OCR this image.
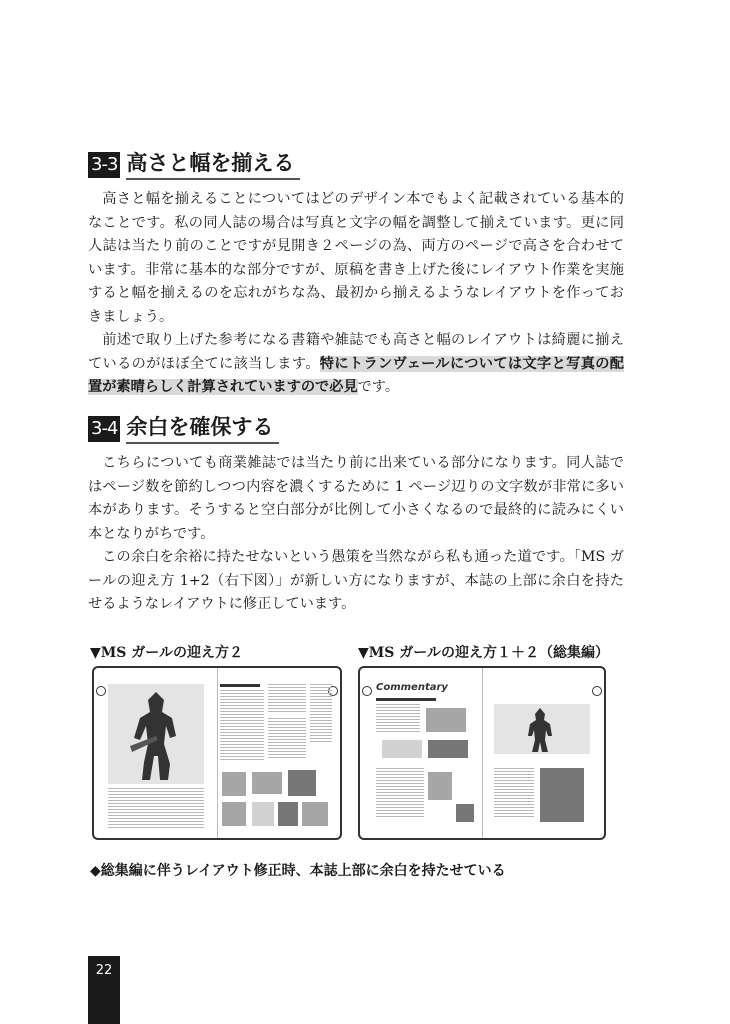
3-3 高さと幅を揃える

高さと幅を揃えることについてはどのデザイン本でもよく記載されている基本的なことです。私の同人誌の場合は写真と文字の幅を調整して揃えています。更に同人誌は当たり前のことですが見開き２ページの為、両方のページで高さを合わせています。非常に基本的な部分ですが、原稿を書き上げた後にレイアウト作業を実施すると幅を揃えるのを忘れがちな為、最初から揃えるようなレイアウトを作っておきましょう。

前述で取り上げた参考になる書籍や雑誌でも高さと幅のレイアウトは綺麗に揃えているのがほぼ全てに該当します。特にトランヴェールについては文字と写真の配置が素晴らしく計算されていますので必見です。

3-4 余白を確保する

こちらについても商業雑誌では当たり前に出来ている部分になります。同人誌ではページ数を節約しつつ内容を濃くするために 1 ページ辺りの文字数が非常に多い本があります。そうすると空白部分が比例して小さくなるので最終的に読みにくい本となりがちです。

この余白を余裕に持たせないという愚策を当然ながら私も通った道です。「MS ガールの迎え方 1+2（右下図）」が新しい方になりますが、本誌の上部に余白を持たせるようなレイアウトに修正しています。

▼MS ガールの迎え方２	▼MS ガールの迎え方１＋２（総集編）
Commentary
◆総集編に伴うレイアウト修正時、本誌上部に余白を持たせている
22
